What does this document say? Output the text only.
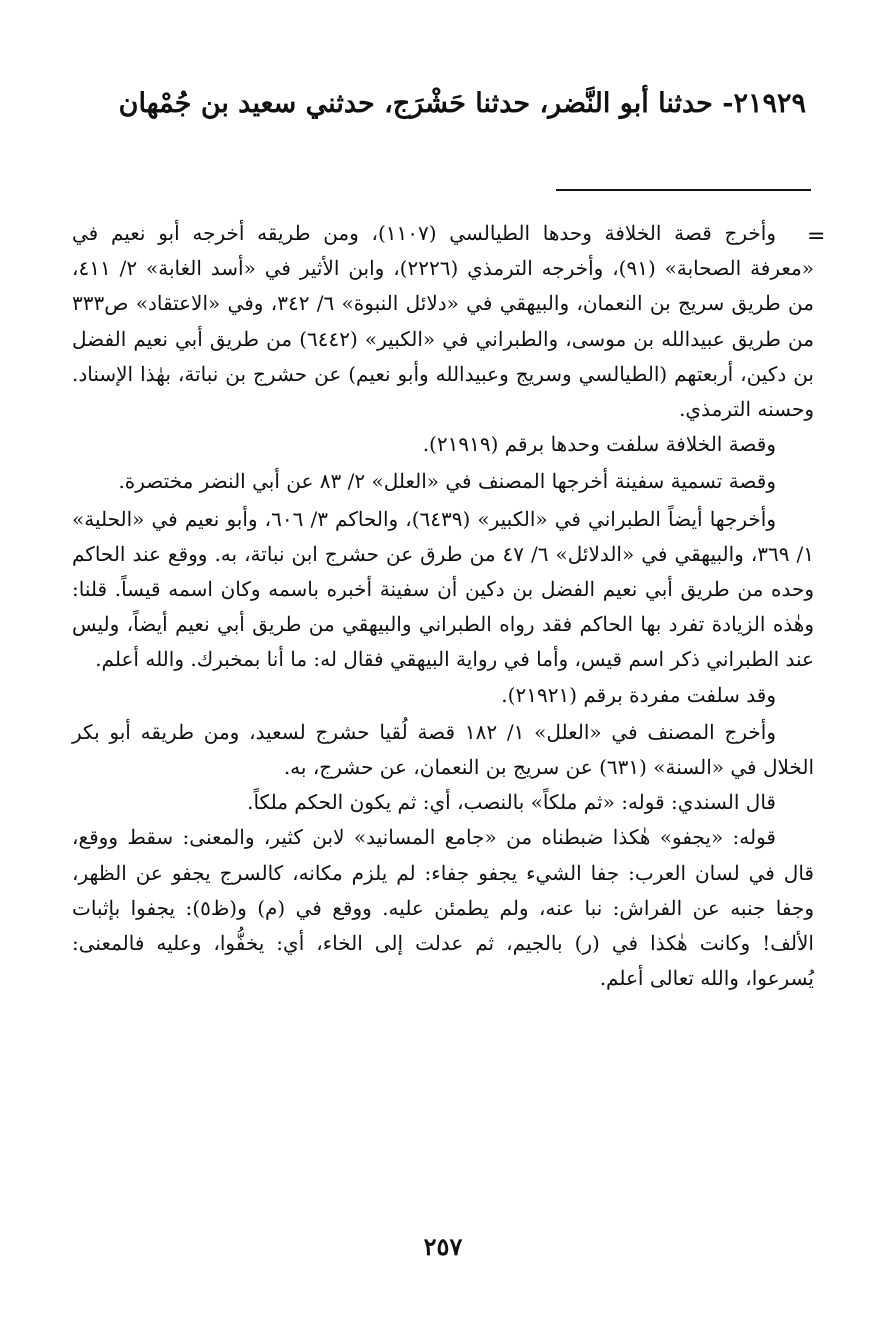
٢١٩٢٩- حدثنا أبو النَّضر، حدثنا حَشْرَج، حدثني سعيد بن جُمْهان
=

وأخرج قصة الخلافة وحدها الطيالسي (١١٠٧)، ومن طريقه أخرجه أبو نعيم في «معرفة الصحابة» (٩١)، وأخرجه الترمذي (٢٢٢٦)، وابن الأثير في «أسد الغابة» ٢/ ٤١١، من طريق سريج بن النعمان، والبيهقي في «دلائل النبوة» ٦/ ٣٤٢، وفي «الاعتقاد» ص٣٣٣ من طريق عبيدالله بن موسى، والطبراني في «الكبير» (٦٤٤٢) من طريق أبي نعيم الفضل بن دكين، أربعتهم (الطيالسي وسريج وعبيدالله وأبو نعيم) عن حشرج بن نباتة، بهٰذا الإسناد. وحسنه الترمذي.

وقصة الخلافة سلفت وحدها برقم (٢١٩١٩).

وقصة تسمية سفينة أخرجها المصنف في «العلل» ٢/ ٨٣ عن أبي النضر مختصرة.

وأخرجها أيضاً الطبراني في «الكبير» (٦٤٣٩)، والحاكم ٣/ ٦٠٦، وأبو نعيم في «الحلية» ١/ ٣٦٩، والبيهقي في «الدلائل» ٦/ ٤٧ من طرق عن حشرج ابن نباتة، به. ووقع عند الحاكم وحده من طريق أبي نعيم الفضل بن دكين أن سفينة أخبره باسمه وكان اسمه قيساً. قلنا: وهٰذه الزيادة تفرد بها الحاكم فقد رواه الطبراني والبيهقي من طريق أبي نعيم أيضاً، وليس عند الطبراني ذكر اسم قيس، وأما في رواية البيهقي فقال له: ما أنا بمخبرك. والله أعلم.

وقد سلفت مفردة برقم (٢١٩٢١).

وأخرج المصنف في «العلل» ١/ ١٨٢ قصة لُقيا حشرج لسعيد، ومن طريقه أبو بكر الخلال في «السنة» (٦٣١) عن سريج بن النعمان، عن حشرج، به.

قال السندي: قوله: «ثم ملكاً» بالنصب، أي: ثم يكون الحكم ملكاً.

قوله: «يجفو» هٰكذا ضبطناه من «جامع المسانيد» لابن كثير، والمعنى: سقط ووقع، قال في لسان العرب: جفا الشيء يجفو جفاء: لم يلزم مكانه، كالسرج يجفو عن الظهر، وجفا جنبه عن الفراش: نبا عنه، ولم يطمئن عليه. ووقع في (م) و(ظ٥): يجفوا بإثبات الألف! وكانت هٰكذا في (ر) بالجيم، ثم عدلت إلى الخاء، أي: يخفُّوا، وعليه فالمعنى: يُسرعوا، والله تعالى أعلم.

٢٥٧
